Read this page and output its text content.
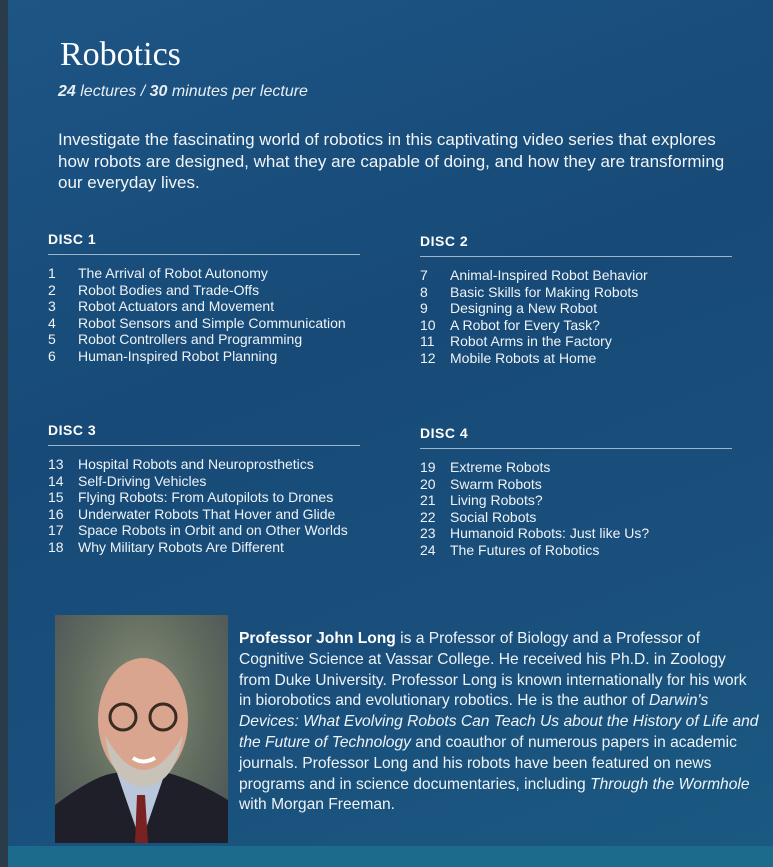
Robotics
24 lectures / 30 minutes per lecture
Investigate the fascinating world of robotics in this captivating video series that explores how robots are designed, what they are capable of doing, and how they are transforming our everyday lives.
DISC 1
1	The Arrival of Robot Autonomy
2	Robot Bodies and Trade-Offs
3	Robot Actuators and Movement
4	Robot Sensors and Simple Communication
5	Robot Controllers and Programming
6	Human-Inspired Robot Planning
DISC 2
7	Animal-Inspired Robot Behavior
8	Basic Skills for Making Robots
9	Designing a New Robot
10	A Robot for Every Task?
11	Robot Arms in the Factory
12	Mobile Robots at Home
DISC 3
13	Hospital Robots and Neuroprosthetics
14	Self-Driving Vehicles
15	Flying Robots: From Autopilots to Drones
16	Underwater Robots That Hover and Glide
17	Space Robots in Orbit and on Other Worlds
18	Why Military Robots Are Different
DISC 4
19	Extreme Robots
20	Swarm Robots
21	Living Robots?
22	Social Robots
23	Humanoid Robots: Just like Us?
24	The Futures of Robotics
Professor John Long is a Professor of Biology and a Professor of Cognitive Science at Vassar College. He received his Ph.D. in Zoology from Duke University. Professor Long is known internationally for his work in biorobotics and evolutionary robotics. He is the author of Darwin's Devices: What Evolving Robots Can Teach Us about the History of Life and the Future of Technology and coauthor of numerous papers in academic journals. Professor Long and his robots have been featured on news programs and in science documentaries, including Through the Wormhole with Morgan Freeman.
